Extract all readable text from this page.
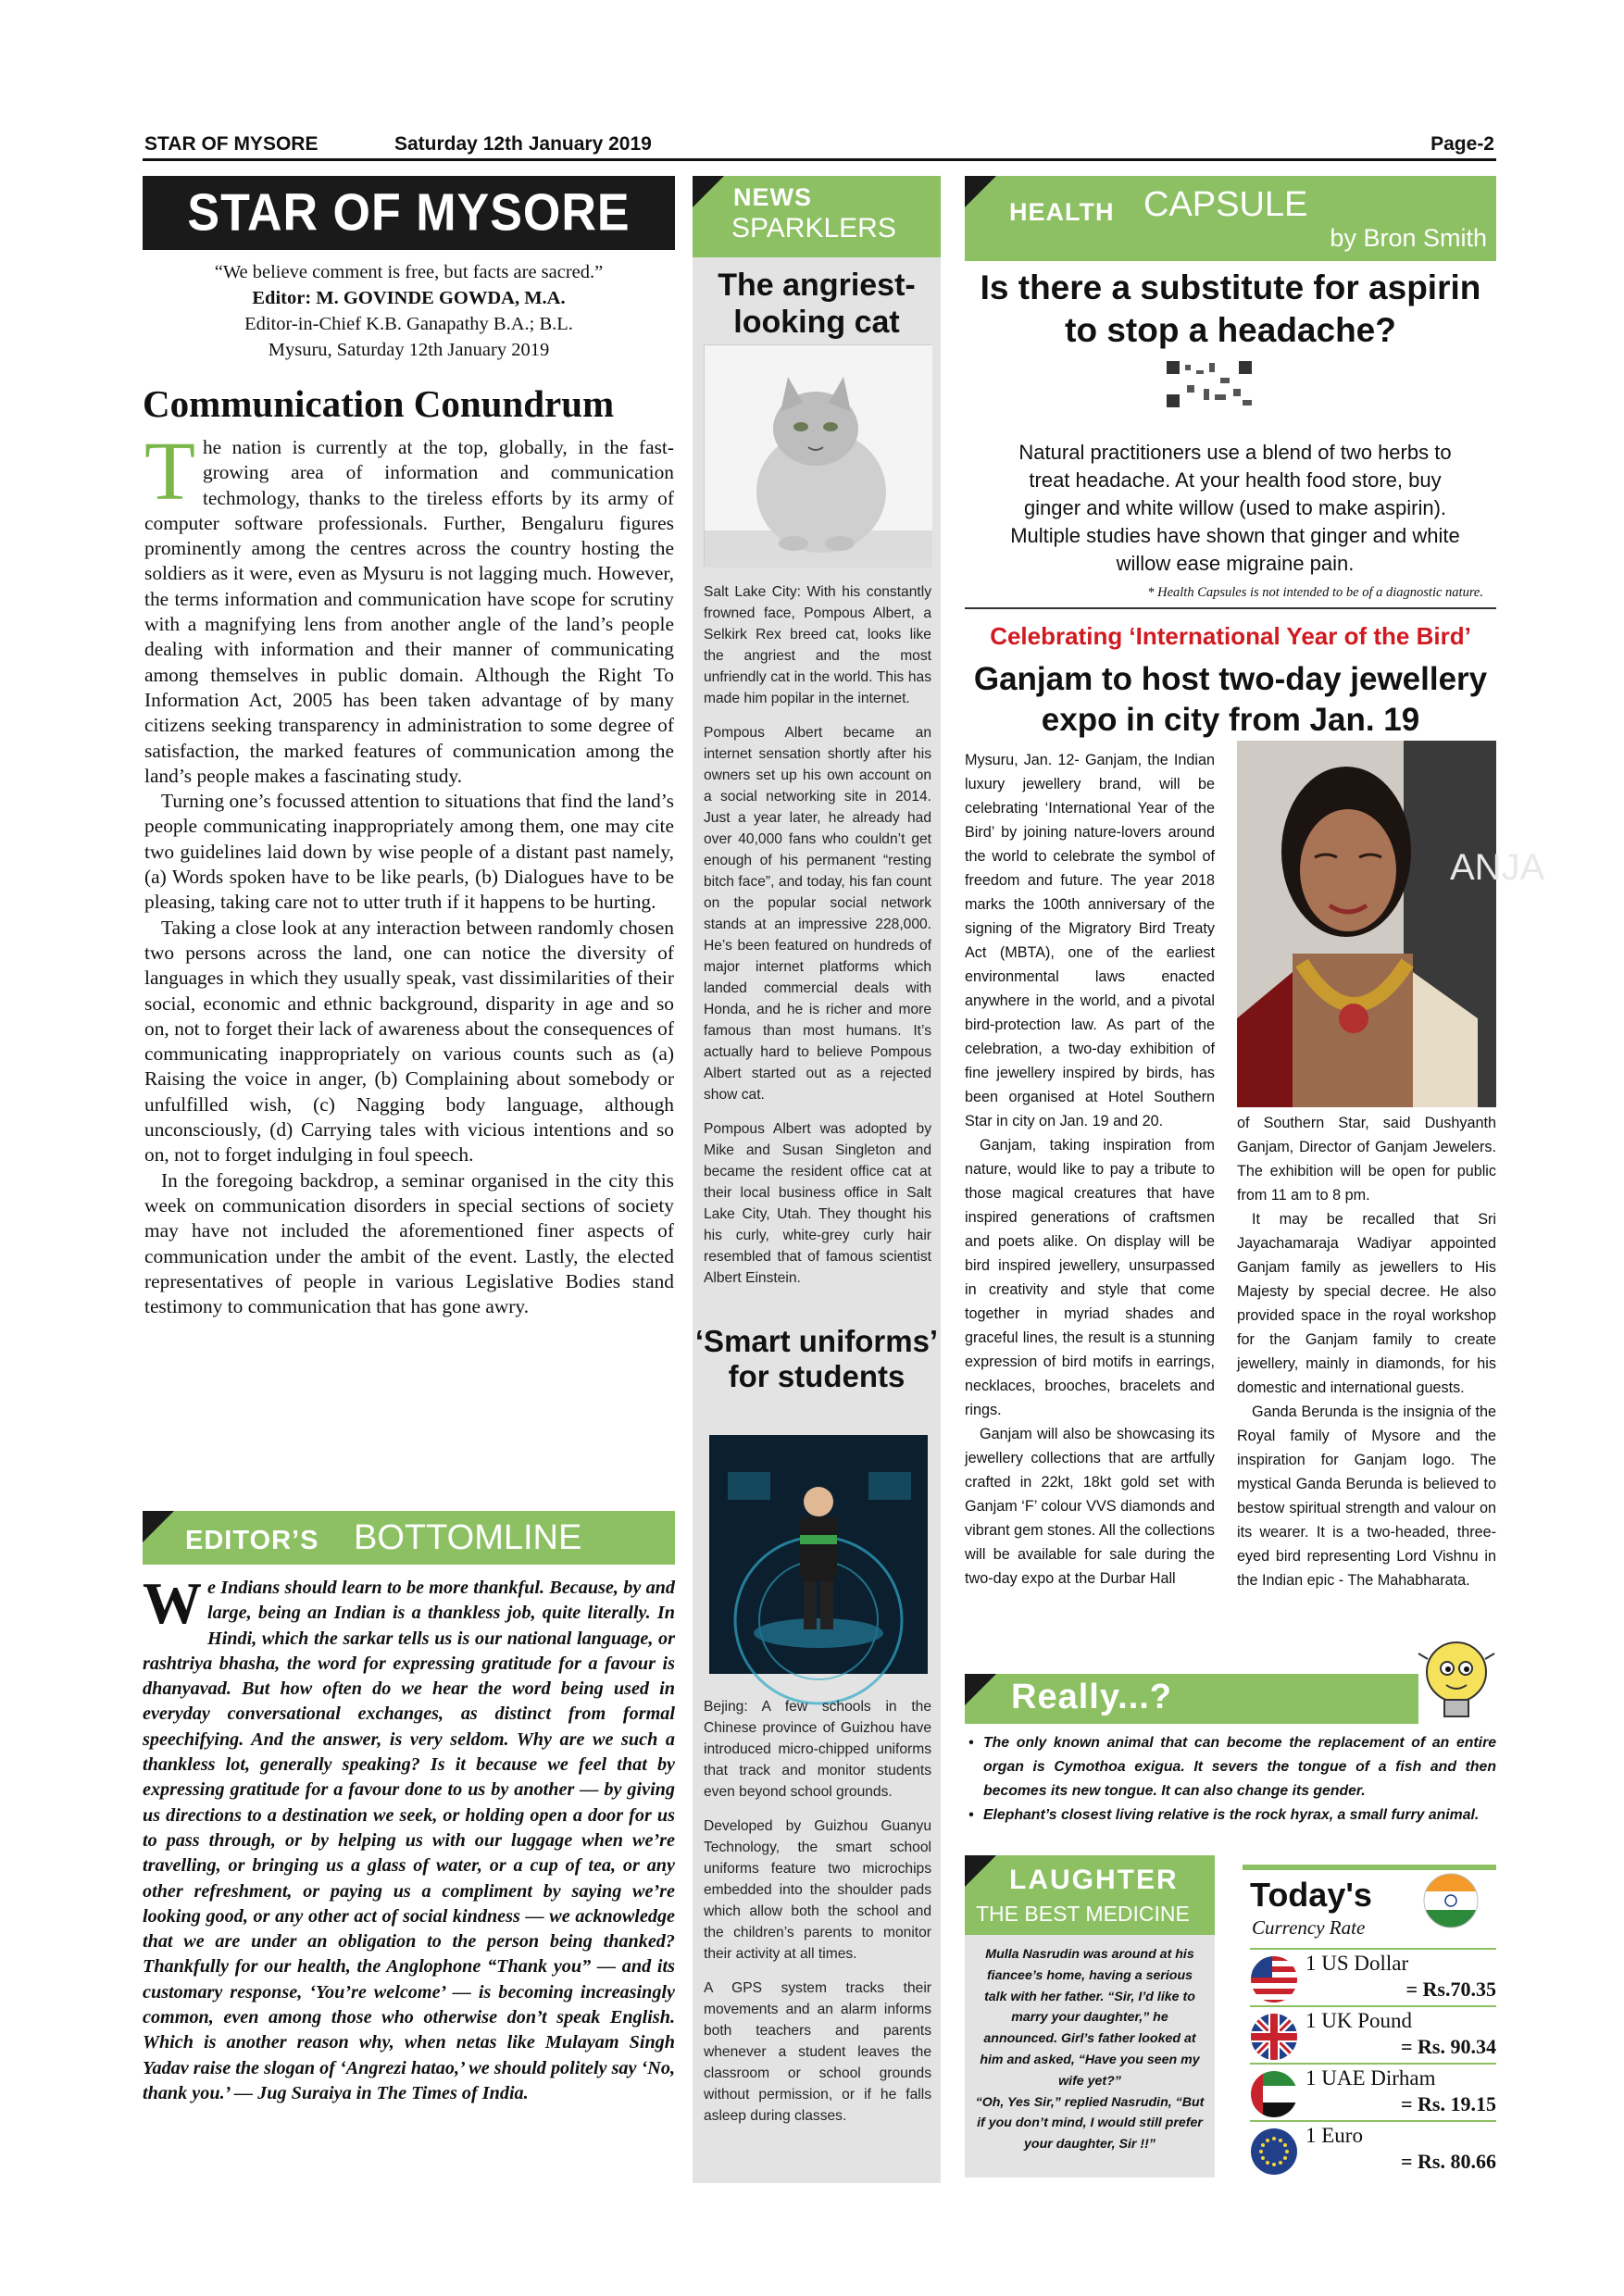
STAR OF MYSORE	Saturday 12th January 2019	Page-2
STAR OF MYSORE
“We believe comment is free, but facts are sacred.”
Editor: M. GOVINDE GOWDA, M.A.
Editor-in-Chief K.B. Ganapathy B.A.; B.L.
Mysuru, Saturday 12th January 2019
Communication Conundrum

The nation is currently at the top, globally, in the fast-growing area of information and communication techmology, thanks to the tireless efforts by its army of computer software professionals. Further, Bengaluru figures prominently among the centres across the country hosting the soldiers as it were, even as Mysuru is not lagging much. However, the terms information and communication have scope for scrutiny with a magnifying lens from another angle of the land’s people dealing with information and their manner of communicating among themselves in public domain. Although the Right To Information Act, 2005 has been taken advantage of by many citizens seeking transparency in administration to some degree of satisfaction, the marked features of communication among the land’s people makes a fascinating study.

Turning one’s focussed attention to situations that find the land’s people communicating inappropriately among them, one may cite two guidelines laid down by wise people of a distant past namely, (a) Words spoken have to be like pearls, (b) Dialogues have to be pleasing, taking care not to utter truth if it happens to be hurting.

Taking a close look at any interaction between randomly chosen two persons across the land, one can notice the diversity of languages in which they usually speak, vast dissimilarities of their social, economic and ethnic background, disparity in age and so on, not to forget their lack of awareness about the consequences of communicating inappropriately on various counts such as (a) Raising the voice in anger, (b) Complaining about somebody or unfulfilled wish, (c) Nagging body language, although unconsciously, (d) Carrying tales with vicious intentions and so on, not to forget indulging in foul speech.

In the foregoing backdrop, a seminar organised in the city this week on communication disorders in special sections of society may have not included the aforementioned finer aspects of communication under the ambit of the event. Lastly, the elected representatives of people in various Legislative Bodies stand testimony to communication that has gone awry.

EDITOR’S BOTTOMLINE
We Indians should learn to be more thankful. Because, by and large, being an Indian is a thankless job, quite literally. In Hindi, which the sarkar tells us is our national language, or rashtriya bhasha, the word for expressing gratitude for a favour is dhanyavad. But how often do we hear the word being used in everyday conversational exchanges, as distinct from formal speechifying. And the answer, is very seldom. Why are we such a thankless lot, generally speaking? Is it because we feel that by expressing gratitude for a favour done to us by another — by giving us directions to a destination we seek, or holding open a door for us to pass through, or by helping us with our luggage when we’re travelling, or bringing us a glass of water, or a cup of tea, or any other refreshment, or paying us a compliment by saying we’re looking good, or any other act of social kindness — we acknowledge that we are under an obligation to the person being thanked? Thankfully for our health, the Anglophone “Thank you” — and its customary response, ‘You’re welcome’ — is becoming increasingly common, even among those who otherwise don’t speak English. Which is another reason why, when netas like Mulayam Singh Yadav raise the slogan of ‘Angrezi hatao,’ we should politely say ‘No, thank you.’ — Jug Suraiya in The Times of India.
NEWS
SPARKLERS
The angriest-looking cat

Salt Lake City: With his constantly frowned face, Pompous Albert, a Selkirk Rex breed cat, looks like the angriest and the most unfriendly cat in the world. This has made him popilar in the internet.

Pompous Albert became an internet sensation shortly after his owners set up his own account on a social networking site in 2014. Just a year later, he already had over 40,000 fans who couldn’t get enough of his permanent “resting bitch face”, and today, his fan count on the popular social network stands at an impressive 228,000. He’s been featured on hundreds of major internet platforms which landed commercial deals with Honda, and he is richer and more famous than most humans. It’s actually hard to believe Pompous Albert started out as a rejected show cat.

Pompous Albert was adopted by Mike and Susan Singleton and became the resident office cat at their local business office in Salt Lake City, Utah. They thought his his curly, white-grey curly hair resembled that of famous scientist Albert Einstein.

‘Smart uniforms’ for students

Bejing: A few schools in the Chinese province of Guizhou have introduced micro-chipped uniforms that track and monitor students even beyond school grounds.

Developed by Guizhou Guanyu Technology, the smart school uniforms feature two microchips embedded into the shoulder pads which allow both the school and the children’s parents to monitor their activity at all times.

A GPS system tracks their movements and an alarm informs both teachers and parents whenever a student leaves the classroom or school grounds without permission, or if he falls asleep during classes.

HEALTH CAPSULE
by Bron Smith
Is there a substitute for aspirin to stop a headache?
Natural practitioners use a blend of two herbs to treat headache. At your health food store, buy ginger and white willow (used to make aspirin). Multiple studies have shown that ginger and white willow ease migraine pain.
* Health Capsules is not intended to be of a diagnostic nature.
Celebrating ‘International Year of the Bird’
Ganjam to host two-day jewellery expo in city from Jan. 19

Mysuru, Jan. 12- Ganjam, the Indian luxury jewellery brand, will be celebrating ‘International Year of the Bird’ by joining nature-lovers around the world to celebrate the symbol of freedom and future. The year 2018 marks the 100th anniversary of the signing of the Migratory Bird Treaty Act (MBTA), one of the earliest environmental laws enacted anywhere in the world, and a pivotal bird-protection law. As part of the celebration, a two-day exhibition of fine jewellery inspired by birds, has been organised at Hotel Southern Star in city on Jan. 19 and 20.

Ganjam, taking inspiration from nature, would like to pay a tribute to those magical creatures that have inspired generations of craftsmen and poets alike. On display will be bird inspired jewellery, unsurpassed in creativity and style that come together in myriad shades and graceful lines, the result is a stunning expression of bird motifs in earrings, necklaces, brooches, bracelets and rings.

Ganjam will also be showcasing its jewellery collections that are artfully crafted in 22kt, 18kt gold set with Ganjam ‘F’ colour VVS diamonds and vibrant gem stones. All the collections will be available for sale during the two-day expo at the Durbar Hall

ANJA

of Southern Star, said Dushyanth Ganjam, Director of Ganjam Jewelers. The exhibition will be open for public from 11 am to 8 pm.

It may be recalled that Sri Jayachamaraja Wadiyar appointed Ganjam family as jewellers to His Majesty by special decree. He also provided space in the royal workshop for the Ganjam family to create jewellery, mainly in diamonds, for his domestic and international guests.

Ganda Berunda is the insignia of the Royal family of Mysore and the inspiration for Ganjam logo. The mystical Ganda Berunda is believed to bestow spiritual strength and valour on its wearer. It is a two-headed, three-eyed bird representing Lord Vishnu in the Indian epic - The Mahabharata.

Really...?
• The only known animal that can become the replacement of an entire organ is Cymothoa exigua. It severs the tongue of a fish and then becomes its new tongue. It can also change its gender.
• Elephant’s closest living relative is the rock hyrax, a small furry animal.
LAUGHTER
THE BEST MEDICINE
Mulla Nasrudin was around at his fiancee’s home, having a serious talk with her father. “Sir, I’d like to marry your daughter,” he announced. Girl’s father looked at him and asked, “Have you seen my wife yet?”
“Oh, Yes Sir,” replied Nasrudin, “But if you don’t mind, I would still prefer your daughter, Sir !!”
Today's
Currency Rate
1 US Dollar
= Rs.70.35
1 UK Pound
= Rs. 90.34
1 UAE Dirham
= Rs. 19.15
1 Euro
= Rs. 80.66
